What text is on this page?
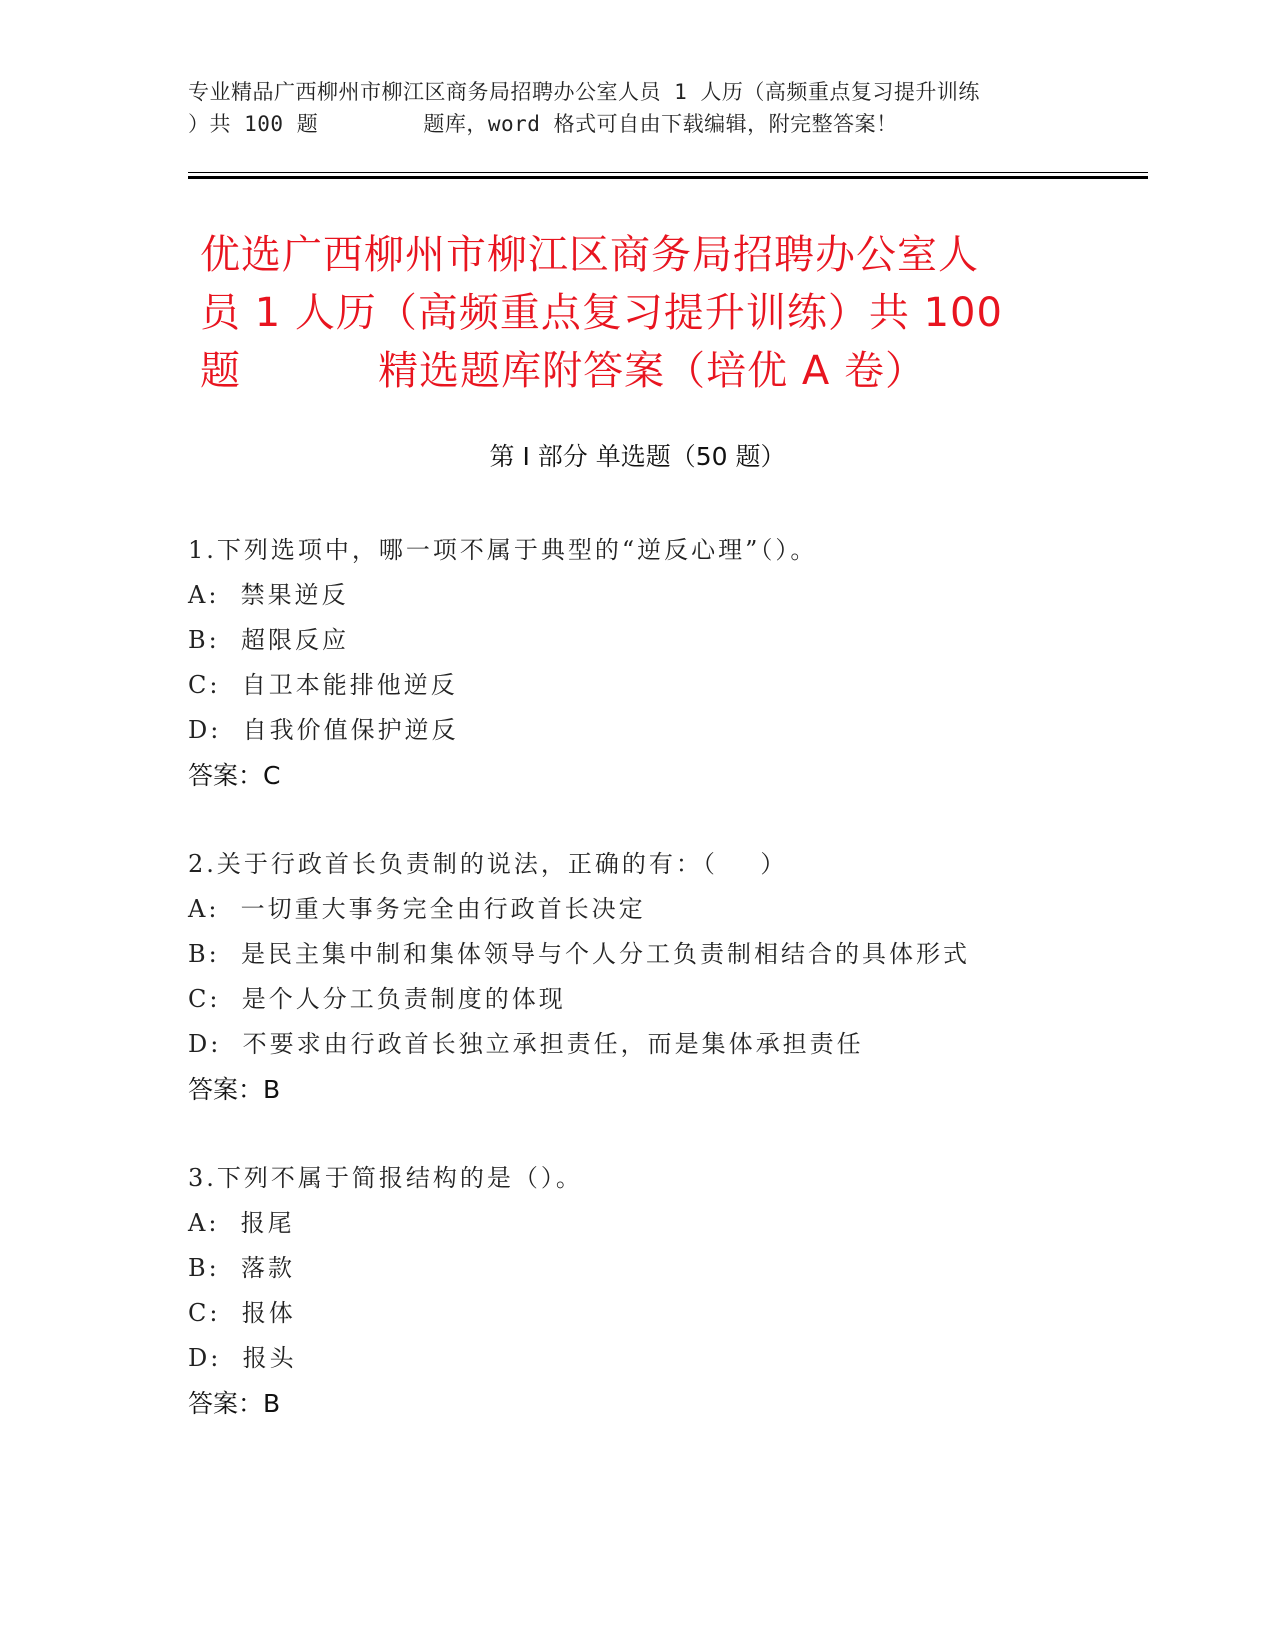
专业精品广西柳州市柳江区商务局招聘办公室人员 1 人历（高频重点复习提升训练
）共 100 题        题库，word 格式可自由下载编辑，附完整答案！
优选广西柳州市柳江区商务局招聘办公室人
员 1 人历（高频重点复习提升训练）共 100
题          精选题库附答案（培优 A 卷）
第 I 部分 单选题（50 题）
1.下列选项中，哪一项不属于典型的“逆反心理”（）。
A:  禁果逆反
B:  超限反应
C:  自卫本能排他逆反
D:  自我价值保护逆反
答案：C
2.关于行政首长负责制的说法，正确的有：（    ）
A:  一切重大事务完全由行政首长决定
B:  是民主集中制和集体领导与个人分工负责制相结合的具体形式
C:  是个人分工负责制度的体现
D:  不要求由行政首长独立承担责任，而是集体承担责任
答案：B
3.下列不属于简报结构的是（）。
A:  报尾
B:  落款
C:  报体
D:  报头
答案：B
